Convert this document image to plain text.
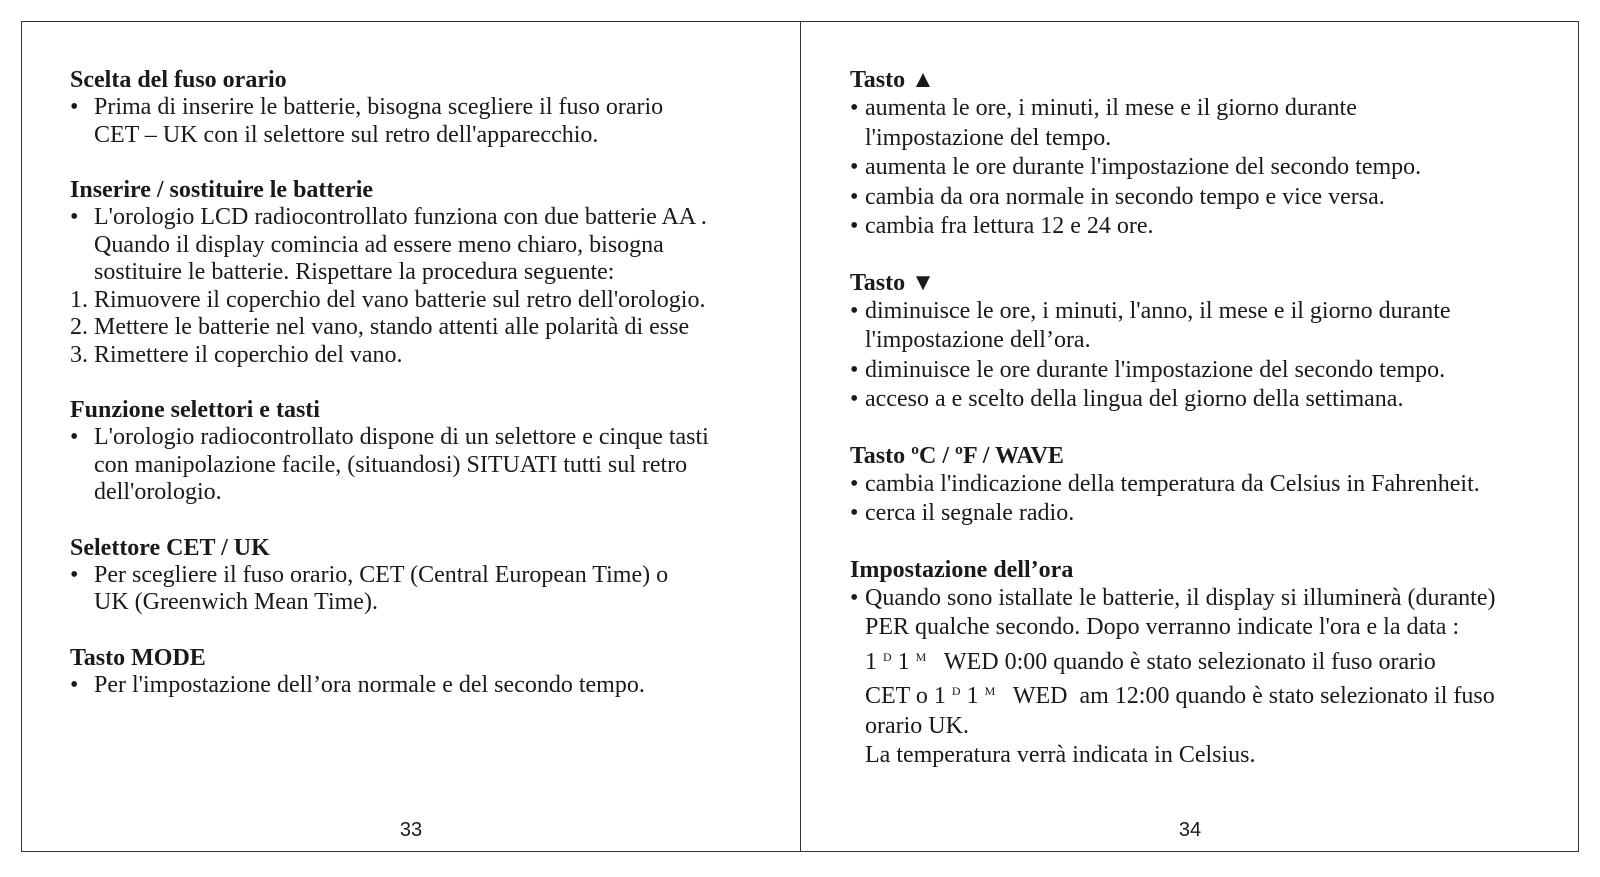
Scelta del fuso orario
• Prima di inserire le batterie, bisogna scegliere il fuso orario
CET – UK con il selettore sul retro dell'apparecchio.
Inserire / sostituire le batterie
• L'orologio LCD radiocontrollato funziona con due batterie AA .
Quando il display comincia ad essere meno chiaro, bisogna
sostituire le batterie. Rispettare la procedura seguente:
1. Rimuovere il coperchio del vano batterie sul retro dell'orologio.
2. Mettere le batterie nel vano, stando attenti alle polarità di esse
3. Rimettere il coperchio del vano.
Funzione selettori e tasti
• L'orologio radiocontrollato dispone di un selettore e cinque tasti
con manipolazione facile, (situandosi) SITUATI tutti sul retro
dell'orologio.
Selettore CET / UK
• Per scegliere il fuso orario, CET (Central European Time) o
UK (Greenwich Mean Time).
Tasto MODE
• Per l'impostazione dell’ora normale e del secondo tempo.
33
Tasto ▲
• aumenta le ore, i minuti, il mese e il giorno durante
l'impostazione del tempo.
• aumenta le ore durante l'impostazione del secondo tempo.
• cambia da ora normale in secondo tempo e vice versa.
• cambia fra lettura 12 e 24 ore.
Tasto ▼
• diminuisce le ore, i minuti, l'anno, il mese e il giorno durante
l'impostazione dell’ora.
• diminuisce le ore durante l'impostazione del secondo tempo.
• acceso a e scelto della lingua del giorno della settimana.
Tasto ºC / ºF / WAVE
• cambia l'indicazione della temperatura da Celsius in Fahrenheit.
• cerca il segnale radio.
Impostazione dell’ora
• Quando sono istallate le batterie, il display si illuminerà (durante)
PER qualche secondo. Dopo verranno indicate l'ora e la data :
1 $^D$ 1 $^M$ WED 0:00 quando è stato selezionato il fuso orario
CET o 1 $^D$ 1 $^M$ WED  am 12:00 quando è stato selezionato il fuso
orario UK.
La temperatura verrà indicata in Celsius.
34
